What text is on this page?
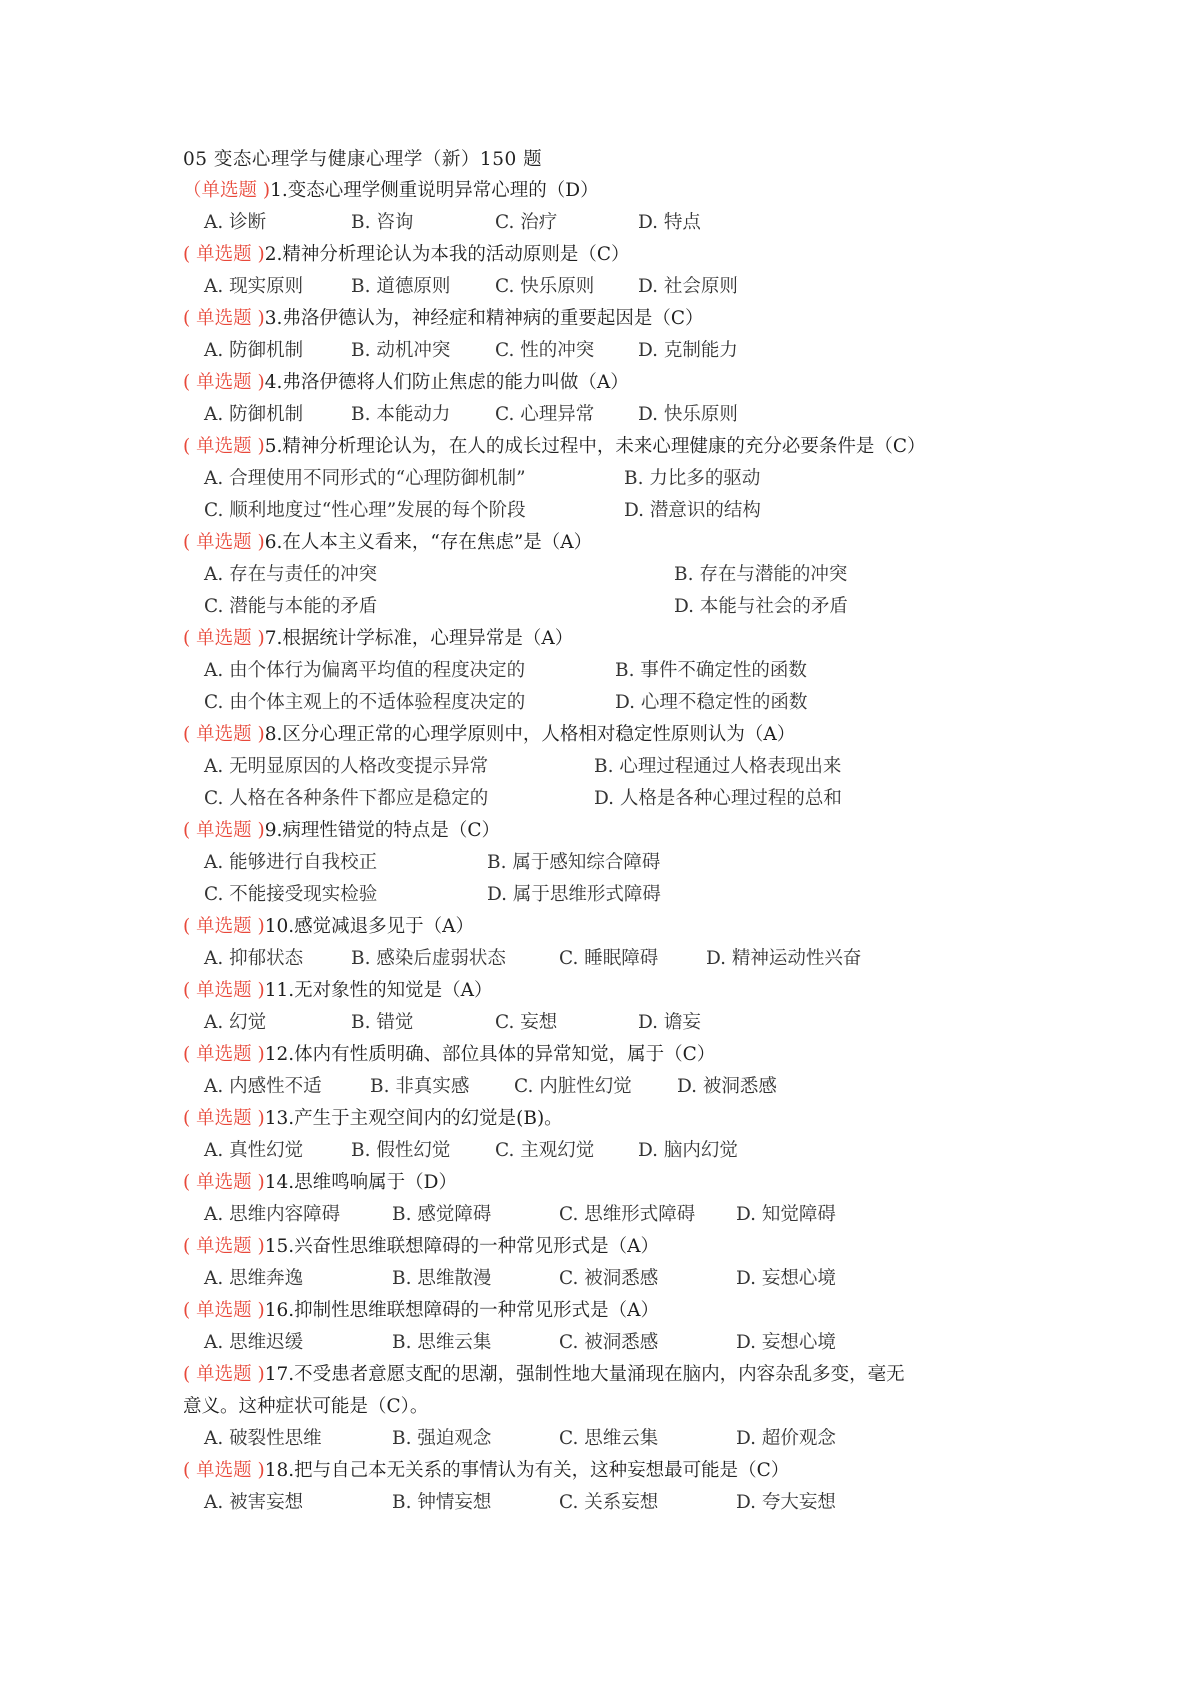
05 变态心理学与健康心理学（新）150 题
（单选题 )1.变态心理学侧重说明异常心理的（D）
A. 诊断	B. 咨询	C. 治疗	D. 特点
( 单选题 )2.精神分析理论认为本我的活动原则是（C）
A. 现实原则	B. 道德原则 C. 快乐原则 D. 社会原则
( 单选题 )3.弗洛伊德认为，神经症和精神病的重要起因是（C）
A. 防御机制	B. 动机冲突 C. 性的冲突 D. 克制能力
( 单选题 )4.弗洛伊德将人们防止焦虑的能力叫做（A）
A. 防御机制	B. 本能动力 C. 心理异常 D. 快乐原则
( 单选题 )5.精神分析理论认为，在人的成长过程中，未来心理健康的充分必要条件是（C）
A. 合理使用不同形式的“心理防御机制”	B. 力比多的驱动
C. 顺利地度过“性心理”发展的每个阶段	D. 潜意识的结构
( 单选题 )6.在人本主义看来，“存在焦虑”是（A）
A. 存在与责任的冲突	B. 存在与潜能的冲突
C. 潜能与本能的矛盾	D. 本能与社会的矛盾
( 单选题 )7.根据统计学标准，心理异常是（A）
A. 由个体行为偏离平均值的程度决定的	B. 事件不确定性的函数
C. 由个体主观上的不适体验程度决定的	D. 心理不稳定性的函数
( 单选题 )8.区分心理正常的心理学原则中，人格相对稳定性原则认为（A）
A. 无明显原因的人格改变提示异常	B. 心理过程通过人格表现出来
C. 人格在各种条件下都应是稳定的	D. 人格是各种心理过程的总和
( 单选题 )9.病理性错觉的特点是（C）
A. 能够进行自我校正	B. 属于感知综合障碍
C. 不能接受现实检验	D. 属于思维形式障碍
( 单选题 )10.感觉减退多见于（A）
A. 抑郁状态	B. 感染后虚弱状态	C. 睡眠障碍	D. 精神运动性兴奋
( 单选题 )11.无对象性的知觉是（A）
A. 幻觉	B. 错觉	C. 妄想	D. 谵妄
( 单选题 )12.体内有性质明确、部位具体的异常知觉，属于（C）
A. 内感性不适	B. 非真实感 C. 内脏性幻觉 D. 被洞悉感
( 单选题 )13.产生于主观空间内的幻觉是(B)。
A. 真性幻觉	B. 假性幻觉 C. 主观幻觉 D. 脑内幻觉
( 单选题 )14.思维鸣响属于（D）
A. 思维内容障碍	B. 感觉障碍	C. 思维形式障碍 D. 知觉障碍
( 单选题 )15.兴奋性思维联想障碍的一种常见形式是（A）
A. 思维奔逸	B. 思维散漫	C. 被洞悉感	D. 妄想心境
( 单选题 )16.抑制性思维联想障碍的一种常见形式是（A）
A. 思维迟缓	B. 思维云集	C. 被洞悉感	D. 妄想心境
( 单选题 )17.不受患者意愿支配的思潮，强制性地大量涌现在脑内，内容杂乱多变，毫无
意义。这种症状可能是（C）。
A. 破裂性思维	B. 强迫观念	C. 思维云集	D. 超价观念
( 单选题 )18.把与自己本无关系的事情认为有关，这种妄想最可能是（C）
A. 被害妄想	B. 钟情妄想	C. 关系妄想	D. 夸大妄想
